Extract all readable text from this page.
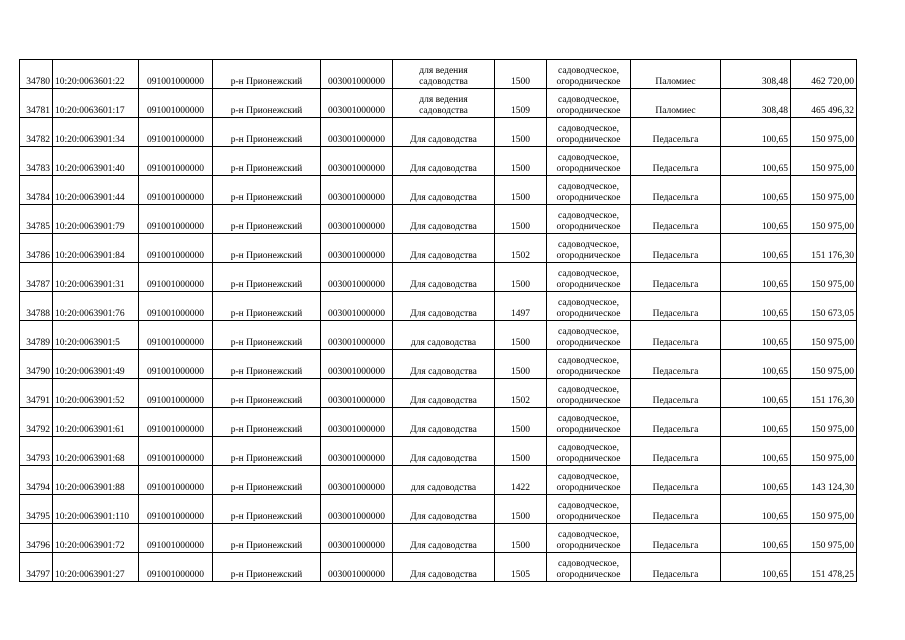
34780	10:20:0063601:22	091001000000	р-н Прионежский	003001000000	для ведения
садоводства	1500	садоводческое,
огородническое	Паломиес	308,48	462 720,00
34781	10:20:0063601:17	091001000000	р-н Прионежский	003001000000	для ведения
садоводства	1509	садоводческое,
огородническое	Паломиес	308,48	465 496,32
34782	10:20:0063901:34	091001000000	р-н Прионежский	003001000000	Для садоводства	1500	садоводческое,
огородническое	Педасельга	100,65	150 975,00
34783	10:20:0063901:40	091001000000	р-н Прионежский	003001000000	Для садоводства	1500	садоводческое,
огородническое	Педасельга	100,65	150 975,00
34784	10:20:0063901:44	091001000000	р-н Прионежский	003001000000	Для садоводства	1500	садоводческое,
огородническое	Педасельга	100,65	150 975,00
34785	10:20:0063901:79	091001000000	р-н Прионежский	003001000000	Для садоводства	1500	садоводческое,
огородническое	Педасельга	100,65	150 975,00
34786	10:20:0063901:84	091001000000	р-н Прионежский	003001000000	Для садоводства	1502	садоводческое,
огородническое	Педасельга	100,65	151 176,30
34787	10:20:0063901:31	091001000000	р-н Прионежский	003001000000	Для садоводства	1500	садоводческое,
огородническое	Педасельга	100,65	150 975,00
34788	10:20:0063901:76	091001000000	р-н Прионежский	003001000000	Для садоводства	1497	садоводческое,
огородническое	Педасельга	100,65	150 673,05
34789	10:20:0063901:5	091001000000	р-н Прионежский	003001000000	для садоводства	1500	садоводческое,
огородническое	Педасельга	100,65	150 975,00
34790	10:20:0063901:49	091001000000	р-н Прионежский	003001000000	Для садоводства	1500	садоводческое,
огородническое	Педасельга	100,65	150 975,00
34791	10:20:0063901:52	091001000000	р-н Прионежский	003001000000	Для садоводства	1502	садоводческое,
огородническое	Педасельга	100,65	151 176,30
34792	10:20:0063901:61	091001000000	р-н Прионежский	003001000000	Для садоводства	1500	садоводческое,
огородническое	Педасельга	100,65	150 975,00
34793	10:20:0063901:68	091001000000	р-н Прионежский	003001000000	Для садоводства	1500	садоводческое,
огородническое	Педасельга	100,65	150 975,00
34794	10:20:0063901:88	091001000000	р-н Прионежский	003001000000	для садоводства	1422	садоводческое,
огородническое	Педасельга	100,65	143 124,30
34795	10:20:0063901:110	091001000000	р-н Прионежский	003001000000	Для садоводства	1500	садоводческое,
огородническое	Педасельга	100,65	150 975,00
34796	10:20:0063901:72	091001000000	р-н Прионежский	003001000000	Для садоводства	1500	садоводческое,
огородническое	Педасельга	100,65	150 975,00
34797	10:20:0063901:27	091001000000	р-н Прионежский	003001000000	Для садоводства	1505	садоводческое,
огородническое	Педасельга	100,65	151 478,25
